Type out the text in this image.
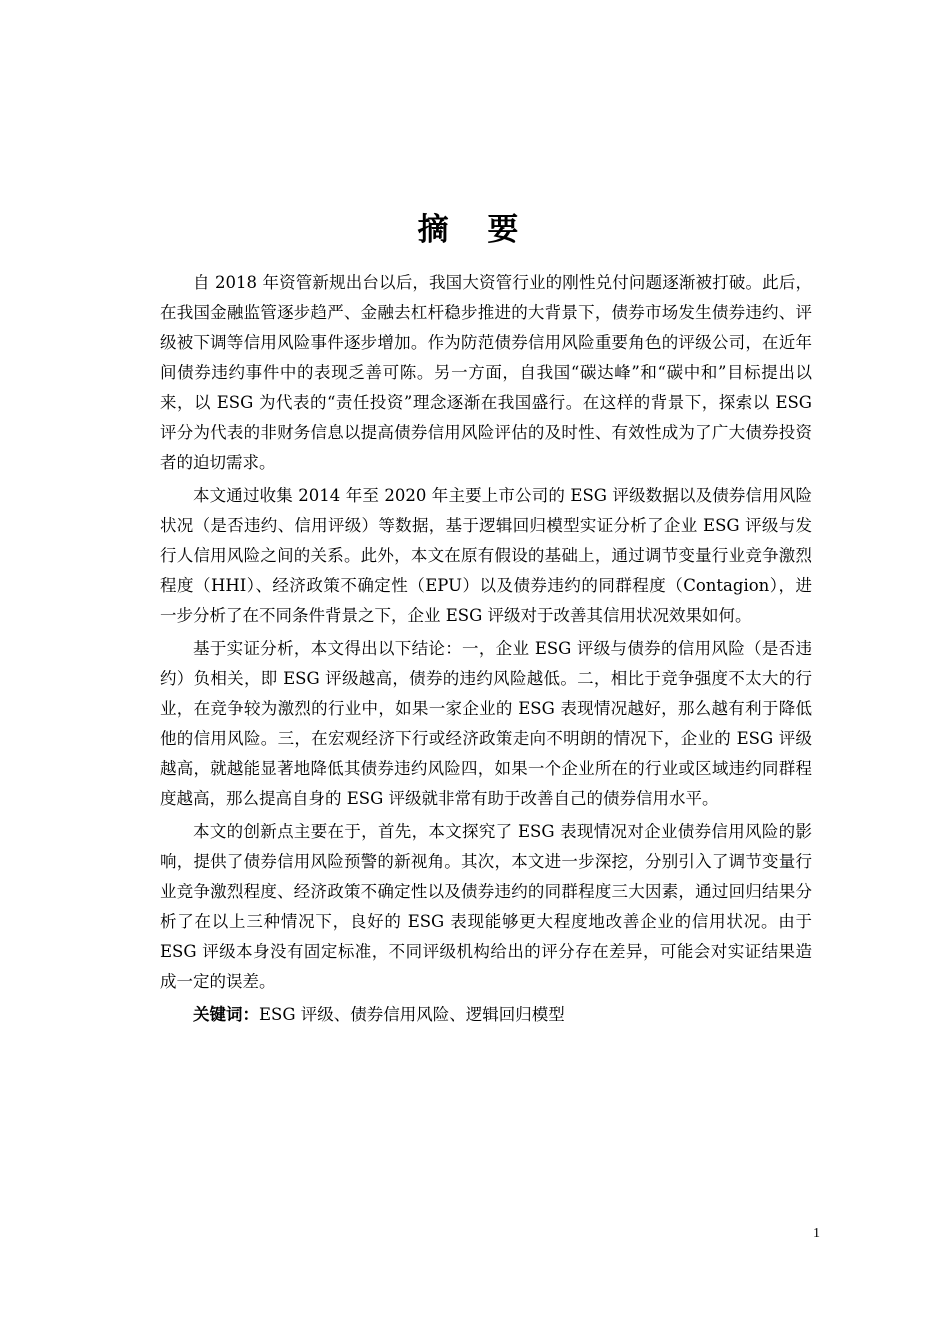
摘 要

自 2018 年资管新规出台以后，我国大资管行业的刚性兑付问题逐渐被打破。此后，在我国金融监管逐步趋严、金融去杠杆稳步推进的大背景下，债券市场发生债券违约、评级被下调等信用风险事件逐步增加。作为防范债券信用风险重要角色的评级公司，在近年间债券违约事件中的表现乏善可陈。另一方面，自我国“碳达峰”和“碳中和”目标提出以来，以 ESG 为代表的“责任投资”理念逐渐在我国盛行。在这样的背景下，探索以 ESG 评分为代表的非财务信息以提高债券信用风险评估的及时性、有效性成为了广大债券投资者的迫切需求。

本文通过收集 2014 年至 2020 年主要上市公司的 ESG 评级数据以及债券信用风险状况（是否违约、信用评级）等数据，基于逻辑回归模型实证分析了企业 ESG 评级与发行人信用风险之间的关系。此外，本文在原有假设的基础上，通过调节变量行业竞争激烈程度（HHI）、经济政策不确定性（EPU）以及债券违约的同群程度（Contagion），进一步分析了在不同条件背景之下，企业 ESG 评级对于改善其信用状况效果如何。

基于实证分析，本文得出以下结论：一，企业 ESG 评级与债券的信用风险（是否违约）负相关，即 ESG 评级越高，债券的违约风险越低。二，相比于竞争强度不太大的行业，在竞争较为激烈的行业中，如果一家企业的 ESG 表现情况越好，那么越有利于降低他的信用风险。三，在宏观经济下行或经济政策走向不明朗的情况下，企业的 ESG 评级越高，就越能显著地降低其债券违约风险四，如果一个企业所在的行业或区域违约同群程度越高，那么提高自身的 ESG 评级就非常有助于改善自己的债券信用水平。

本文的创新点主要在于，首先，本文探究了 ESG 表现情况对企业债券信用风险的影响，提供了债券信用风险预警的新视角。其次，本文进一步深挖，分别引入了调节变量行业竞争激烈程度、经济政策不确定性以及债券违约的同群程度三大因素，通过回归结果分析了在以上三种情况下，良好的 ESG 表现能够更大程度地改善企业的信用状况。由于 ESG 评级本身没有固定标准，不同评级机构给出的评分存在差异，可能会对实证结果造成一定的误差。

关键词：ESG 评级、债券信用风险、逻辑回归模型

1
